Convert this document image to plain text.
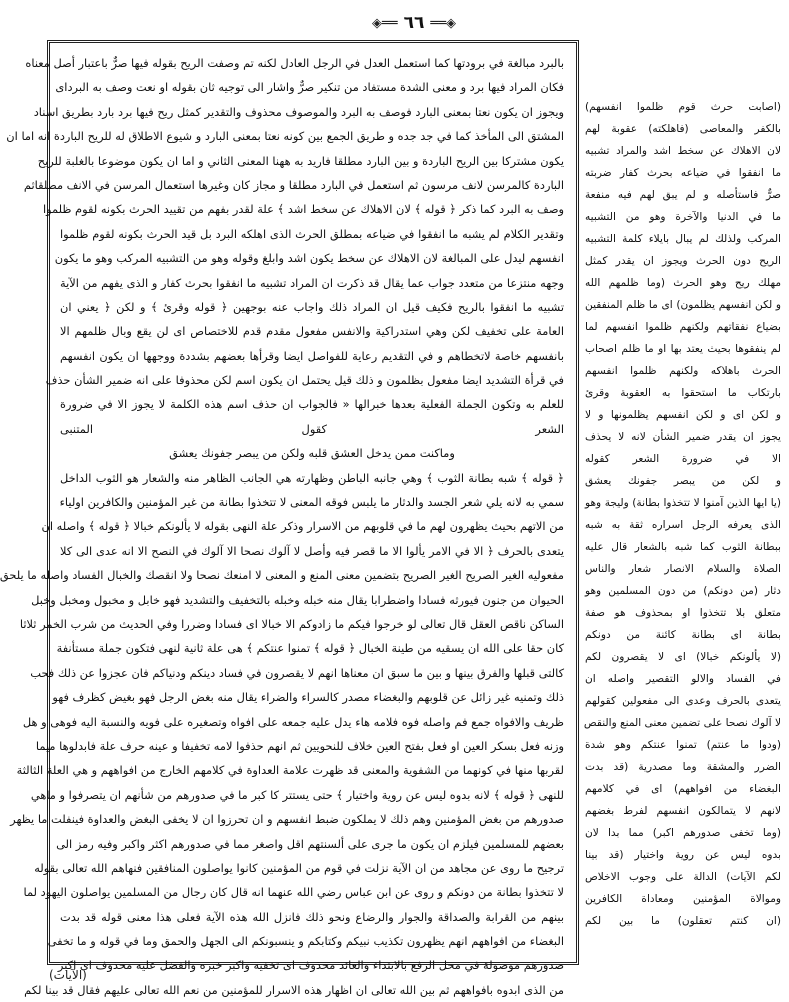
◈══
٦٦
══◈
بالبرد مبالغة في برودتها كما استعمل العدل في الرجل العادل لكنه تم وصفت الريح بقوله فيها صرٌّ باعتبار أصل معناه
فكان المراد فيها برد و معنى الشدة مستفاد من تنكير صرٌّ واشار الى توجيه ثان بقوله او نعت وصف به البرداى
ويجوز ان يكون نعتا بمعنى البارد فوصف به البرد والموصوف محذوف والتقدير كمثل ريح فيها برد بارد بطريق اسناد
المشتق الى المأخذ كما في جد جده و طريق الجمع بين كونه نعتا بمعنى البارد و شيوع الاطلاق له للريح الباردة انه اما ان
يكون مشتركا بين الريح الباردة و بين البارد مطلقا فاريد به ههنا المعنى الثاني و اما ان يكون موضوعا بالغلبة للريح
الباردة كالمرسن لانف مرسون ثم استعمل في البارد مطلقا و مجاز كان وغيرها استعمال المرسن في الانف مطلقاثم
وصف به البرد كما ذكر ﴿ قوله ﴾ لان الاهلاك عن سخط اشد ﴾ علة لقدر بفهم من تقييد الحرث بكونه لقوم ظلموا
وتقدير الكلام لم يشبه ما انفقوا في ضياعه بمطلق الحرث الذى اهلكه البرد بل قيد الحرث بكونه لقوم ظلموا
انفسهم ليدل على المبالغة لان الاهلاك عن سخط يكون اشد وابلغ وقوله وهو من التشبيه المركب وهو ما يكون
وجهه منتزعا من متعدد جواب عما يقال قد ذكرت ان المراد تشبيه ما انفقوا بحرث كفار و الذى يفهم من الآية
تشبيه ما انفقوا بالريح فكيف قيل ان المراد ذلك واجاب عنه بوجهين ﴿ قوله وقرئ ﴾ و لكن ﴿ يعني ان
العامة على تخفيف لكن وهي استدراكية والانفس مفعول مقدم قدم للاختصاص اى لن يقع وبال ظلمهم الا
بانفسهم خاصة لاتخطاهم و في التقديم رعاية للفواصل ايضا وقرأها بعضهم بشددة ووجهها ان يكون انفسهم
في قرأة التشديد ايضا مفعول بظلمون و ذلك قيل يحتمل ان يكون اسم لكن محذوفا على انه ضمير الشأن حذف
للعلم به وتكون الجملة الفعلية بعدها خبرالها « فالجواب ان حذف اسم هذه الكلمة لا يجوز الا في ضرورة
الشعر كقول المتنبى
وماكنت ممن يدخل العشق قلبه ولكن من يبصر جفونك يعشق
﴿ قوله ﴾ شبه بطانة الثوب ﴾ وهي جانبه الباطن وظهارته هي الجانب الظاهر منه والشعار هو الثوب الداخل
سمي به لانه يلي شعر الجسد والدثار ما يلبس فوقه المعنى لا تتخذوا بطانة من غير المؤمنين والكافرين اولياء
من الاتهم بحيث يظهرون لهم ما في قلوبهم من الاسرار وذكر علة النهى بقوله لا يألونكم خبالا ﴿ قوله ﴾ واصله ان
يتعدى بالحرف ﴿ الا في الامر يألوا الا ما قصر فيه وأصل لا آلوك نصحا الا آلوك في النصح الا انه عدى الى كلا
مفعوليه الغير الصريح الغير الصريح بتضمين معنى المنع و المعنى لا امنعك نصحا ولا انقصك والخبال الفساد واصله ما يلحق
الحيوان من جنون فيورثه فسادا واضطرابا يقال منه خبله وخبله بالتخفيف والتشديد فهو خابل و مخبول ومخبل وخبل
الساكن ناقص العقل قال تعالى لو خرجوا فيكم ما زادوكم الا خبالا اى فسادا وضررا وفي الحديث من شرب الخمر ثلاثا
كان حقا على الله ان يسقيه من طينة الخبال ﴿ قوله ﴾ تمنوا عنتكم ﴾ هى علة ثانية لنهى فتكون جملة مستأنفة
كالتى قبلها والفرق بينها و بين ما سبق ان معناها انهم لا يقصرون في فساد دينكم ودنياكم فان عجزوا عن ذلك فحب
ذلك وتمنيه غير زائل عن قلوبهم والبغضاء مصدر كالسراء والضراء يقال منه بغض الرجل فهو بغيض كظرف فهو
ظريف والافواه جمع فم واصله فوه فلامه هاء يدل عليه جمعه على افواه وتصغيره على فويه والنسبة اليه فوهى و هل
وزنه فعل بسكر العين او فعل بفتح العين خلاف للنحويين ثم انهم حذفوا لامه تخفيفا و عينه حرف علة فابدلوها ميما
لقربها منها في كونهما من الشفوية والمعنى قد ظهرت علامة العداوة في كلامهم الخارج من افواههم و هي العلة الثالثة
للنهى ﴿ قوله ﴾ لانه بدوه ليس عن روية واختيار ﴾ حتى يستتر كا كبر ما في صدورهم من شأنهم ان يتصرفوا و ماهي
صدورهم من بغض المؤمنين وهم ذلك لا يملكون ضبط انفسهم و ان تحرزوا ان لا يخفى البغض والعداوة فينفلت ما يظهر
بعضهم للمسلمين فيلزم ان يكون ما جرى على ألسنتهم اقل واصغر مما في صدورهم اكثر واكبر وفيه رمز الى
ترجيح ما روى عن مجاهد من ان الآية نزلت في قوم من المؤمنين كانوا يواصلون المنافقين فنهاهم الله تعالى بقوله
لا تتخذوا بطانة من دونكم و روى عن ابن عباس رضي الله عنهما انه قال كان رجال من المسلمين يواصلون اليهود لما
بينهم من القرابة والصداقة والجوار والرضاع ونحو ذلك فانزل الله هذه الآية فعلى هذا معنى قوله قد بدت
البغضاء من افواههم انهم يظهرون تكذيب نبيكم وكتابكم و ينسبونكم الى الجهل والحمق وما في قوله و ما تخفى
صدورهم موصولة في محل الرفع بالابتداء والعائد محذوف اى تخفيه واكبر خبره والفضل عليه محذوف اى اكبر
من الذى ابدوه بافواههم ثم بين الله تعالى ان اظهار هذه الاسرار للمؤمنين من نعم الله تعالى عليهم فقال قد بينا لكم
(اصابت حرث قوم ظلموا انفسهم)
بالكفر والمعاصى (فاهلكته) عقوبة لهم
لان الاهلاك عن سخط اشد والمراد تشبيه
ما انفقوا في ضياعه بحرث كفار ضربته
صرٌّ فاستأصله و لم يبق لهم فيه منفعة
ما في الدنيا والآخرة وهو من التشبيه
المركب ولذلك لم يبال بايلاء كلمة التشبيه
الريح دون الحرث ويجوز ان يقدر كمثل
مهلك ريح وهو الحرث (وما ظلمهم الله
و لكن انفسهم يظلمون) اى ما ظلم المنفقين
بضياع نفقاتهم ولكنهم ظلموا انفسهم لما
لم ينفقوها بحيث يعتد بها او ما ظلم اصحاب
الحرث باهلاكه ولكنهم ظلموا انفسهم
بارتكاب ما استحقوا به العقوبة وقرئ
و لكن اى و لكن انفسهم يظلمونها و لا
يجوز ان يقدر ضمير الشأن لانه لا يحذف
الا في ضرورة الشعر كقوله
و لكن من يبصر جفونك يعشق
(يا ايها الذين آمنوا لا تتخذوا بطانة) وليجة وهو
الذى يعرفه الرجل اسراره ثقة به شبه
ببطانة الثوب كما شبه بالشعار قال عليه
الصلاة والسلام الانصار شعار والناس
دثار (من دونكم) من دون المسلمين وهو
متعلق بلا تتخذوا او بمحذوف هو صفة
بطانة اى بطانة كائنة من دونكم
(لا يألونكم خبالا) اى لا يقصرون لكم
في الفساد والالو التقصير واصله ان
يتعدى بالحرف وعدى الى مفعولين كقولهم
لا آلوك نصحا على تضمين معنى المنع والنقص
(ودوا ما عنتم) تمنوا عنتكم وهو شدة
الضرر والمشقة وما مصدرية (قد بدت
البغضاء من افواههم) اى في كلامهم
لانهم لا يتمالكون انفسهم لفرط بغضهم
(وما تخفى صدورهم اكبر) مما بدا لان
بدوه ليس عن روية واختيار (قد بينا
لكم الآيات) الدالة على وجوب الاخلاص
وموالاة المؤمنين ومعاداة الكافرين
(ان كنتم تعقلون) ما بين لكم
(الآيات)
